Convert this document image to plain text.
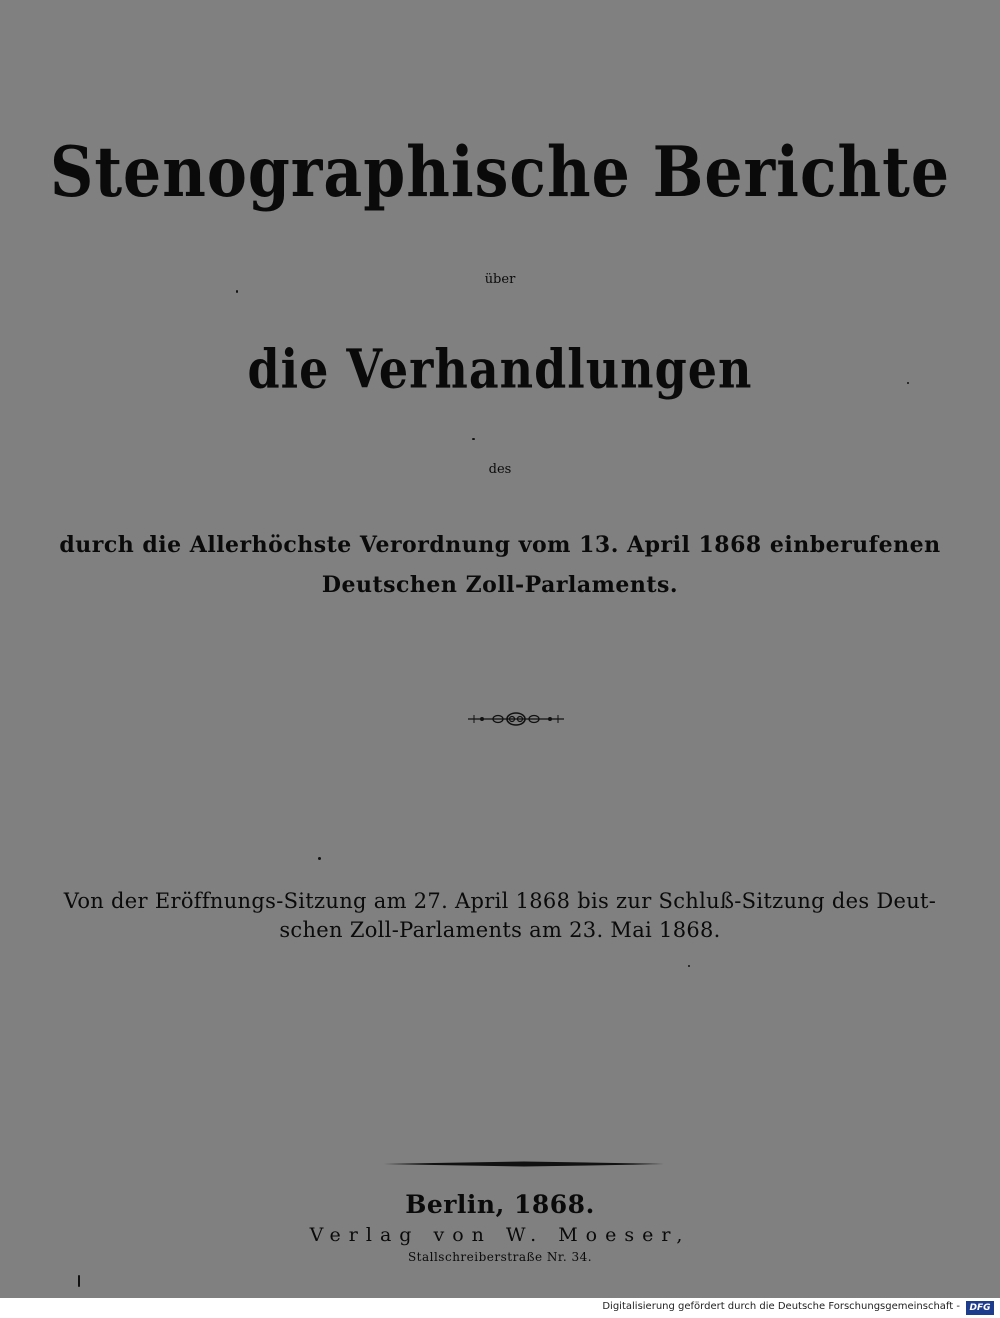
Stenographische Berichte
über
die Verhandlungen
des
durch die Allerhöchste Verordnung vom 13. April 1868 einberufenen
Deutschen Zoll-Parlaments.
Von der Eröffnungs-Sitzung am 27. April 1868 bis zur Schluß-Sitzung des Deut-
schen Zoll-Parlaments am 23. Mai 1868.
Berlin, 1868.
Verlag von W. Moeser,
Stallschreiberstraße Nr. 34.
Digitalisierung gefördert durch die Deutsche Forschungsgemeinschaft -	DFG
